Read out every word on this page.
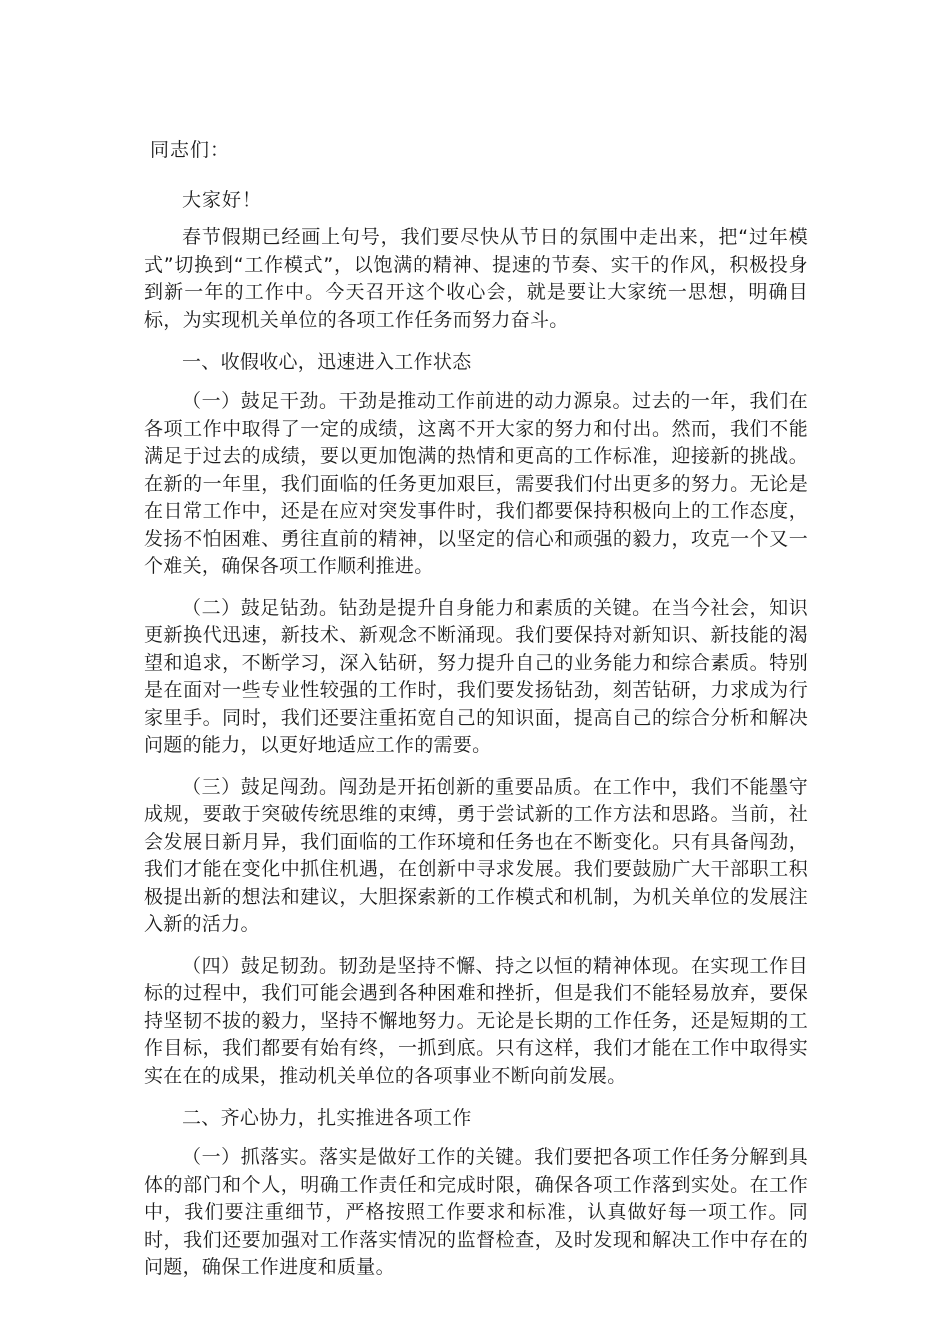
同志们：

大家好！

春节假期已经画上句号，我们要尽快从节日的氛围中走出来，把“过年模式”切换到“工作模式”，以饱满的精神、提速的节奏、实干的作风，积极投身到新一年的工作中。今天召开这个收心会，就是要让大家统一思想，明确目标，为实现机关单位的各项工作任务而努力奋斗。

一、收假收心，迅速进入工作状态

（一）鼓足干劲。干劲是推动工作前进的动力源泉。过去的一年，我们在各项工作中取得了一定的成绩，这离不开大家的努力和付出。然而，我们不能满足于过去的成绩，要以更加饱满的热情和更高的工作标准，迎接新的挑战。在新的一年里，我们面临的任务更加艰巨，需要我们付出更多的努力。无论是在日常工作中，还是在应对突发事件时，我们都要保持积极向上的工作态度，发扬不怕困难、勇往直前的精神，以坚定的信心和顽强的毅力，攻克一个又一个难关，确保各项工作顺利推进。

（二）鼓足钻劲。钻劲是提升自身能力和素质的关键。在当今社会，知识更新换代迅速，新技术、新观念不断涌现。我们要保持对新知识、新技能的渴望和追求，不断学习，深入钻研，努力提升自己的业务能力和综合素质。特别是在面对一些专业性较强的工作时，我们要发扬钻劲，刻苦钻研，力求成为行家里手。同时，我们还要注重拓宽自己的知识面，提高自己的综合分析和解决问题的能力，以更好地适应工作的需要。

（三）鼓足闯劲。闯劲是开拓创新的重要品质。在工作中，我们不能墨守成规，要敢于突破传统思维的束缚，勇于尝试新的工作方法和思路。当前，社会发展日新月异，我们面临的工作环境和任务也在不断变化。只有具备闯劲，我们才能在变化中抓住机遇，在创新中寻求发展。我们要鼓励广大干部职工积极提出新的想法和建议，大胆探索新的工作模式和机制，为机关单位的发展注入新的活力。

（四）鼓足韧劲。韧劲是坚持不懈、持之以恒的精神体现。在实现工作目标的过程中，我们可能会遇到各种困难和挫折，但是我们不能轻易放弃，要保持坚韧不拔的毅力，坚持不懈地努力。无论是长期的工作任务，还是短期的工作目标，我们都要有始有终，一抓到底。只有这样，我们才能在工作中取得实实在在的成果，推动机关单位的各项事业不断向前发展。

二、齐心协力，扎实推进各项工作

（一）抓落实。落实是做好工作的关键。我们要把各项工作任务分解到具体的部门和个人，明确工作责任和完成时限，确保各项工作落到实处。在工作中，我们要注重细节，严格按照工作要求和标准，认真做好每一项工作。同时，我们还要加强对工作落实情况的监督检查，及时发现和解决工作中存在的问题，确保工作进度和质量。
